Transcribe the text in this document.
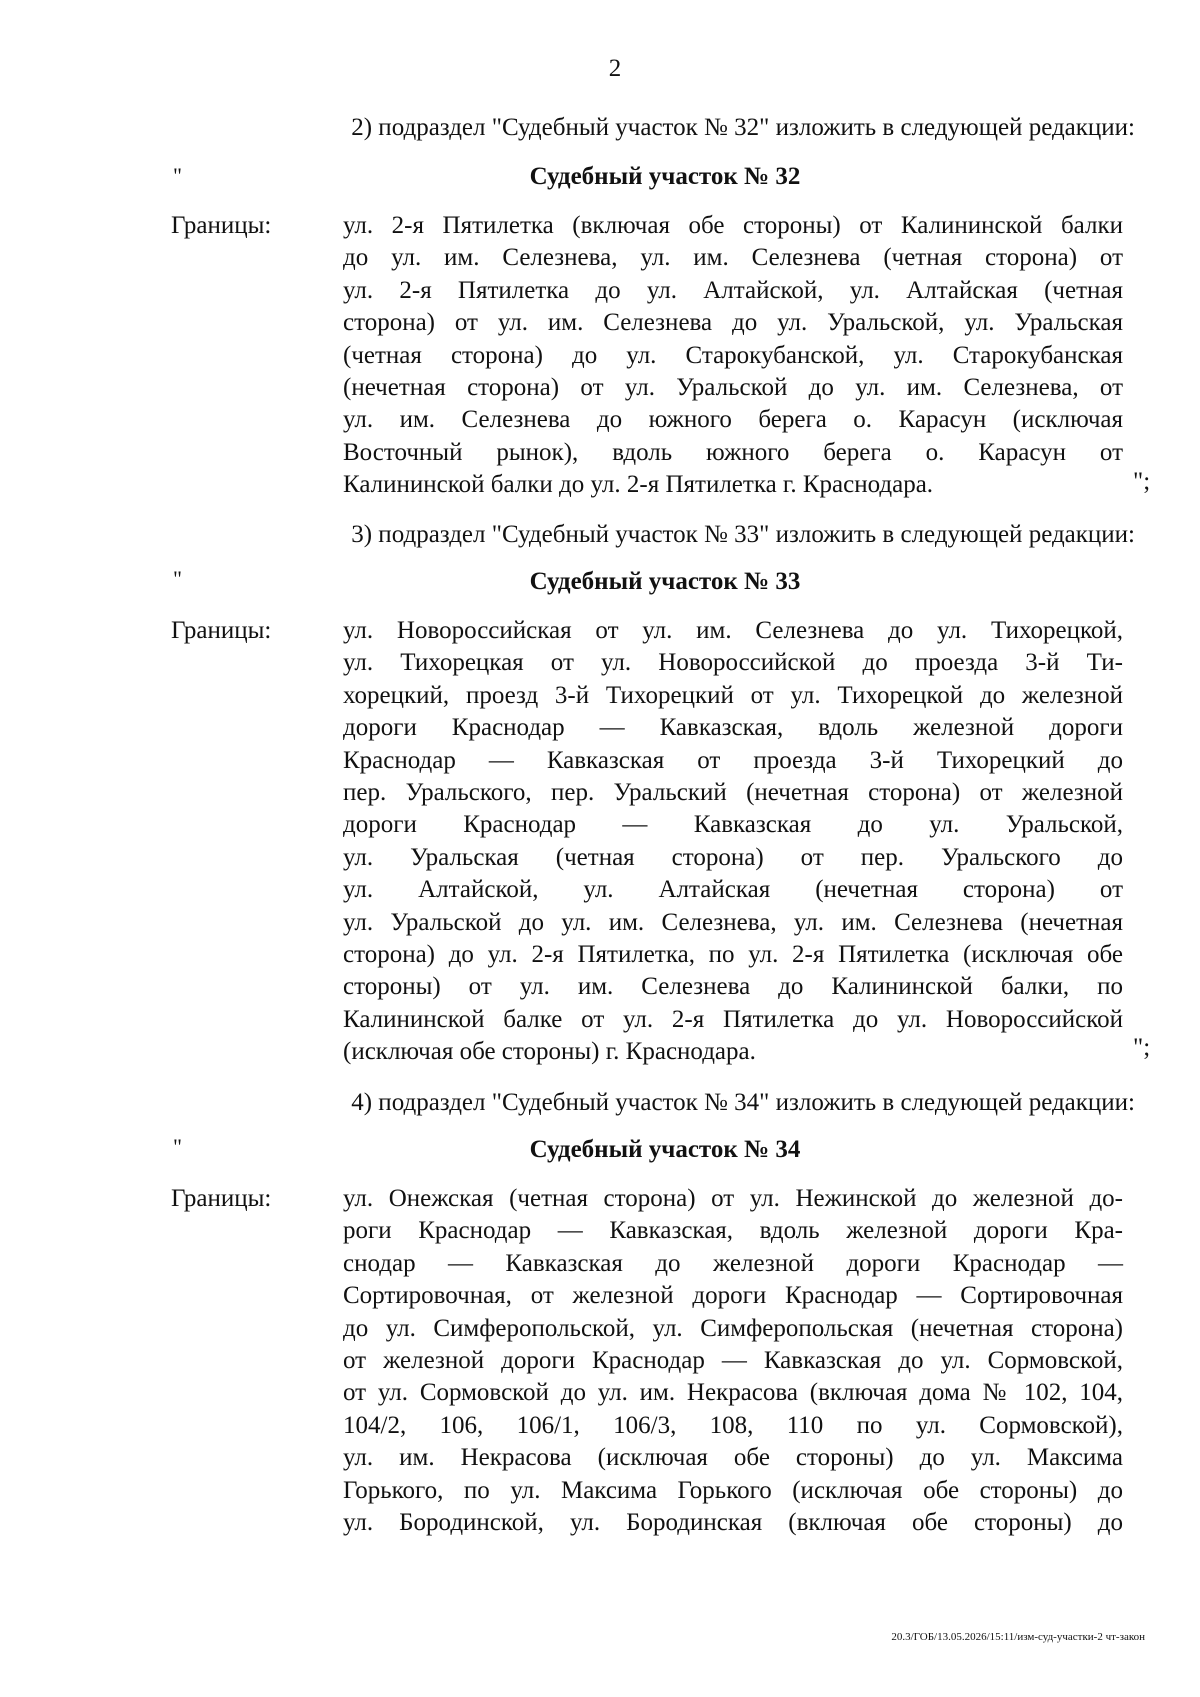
2
2) подраздел "Судебный участок № 32" изложить в следующей редакции:
"	Судебный участок № 32
Границы:	ул. 2-я Пятилетка (включая обе стороны) от Калининской балки
до ул. им. Селезнева, ул. им. Селезнева (четная сторона) от
ул. 2-я Пятилетка до ул. Алтайской, ул. Алтайская (четная
сторона) от ул. им. Селезнева до ул. Уральской, ул. Уральская
(четная сторона) до ул. Старокубанской, ул. Старокубанская
(нечетная сторона) от ул. Уральской до ул. им. Селезнева, от
ул. им. Селезнева до южного берега о. Карасун (исключая
Восточный рынок), вдоль южного берега о. Карасун от
Калининской балки до ул. 2-я Пятилетка г. Краснодара.	";
3) подраздел "Судебный участок № 33" изложить в следующей редакции:
"	Судебный участок № 33
Границы:	ул. Новороссийская от ул. им. Селезнева до ул. Тихорецкой,
ул. Тихорецкая от ул. Новороссийской до проезда 3-й Ти-
хорецкий, проезд 3-й Тихорецкий от ул. Тихорецкой до железной
дороги Краснодар — Кавказская, вдоль железной дороги
Краснодар — Кавказская от проезда 3-й Тихорецкий до
пер. Уральского, пер. Уральский (нечетная сторона) от железной
дороги Краснодар — Кавказская до ул. Уральской,
ул. Уральская (четная сторона) от пер. Уральского до
ул. Алтайской, ул. Алтайская (нечетная сторона) от
ул. Уральской до ул. им. Селезнева, ул. им. Селезнева (нечетная
сторона) до ул. 2-я Пятилетка, по ул. 2-я Пятилетка (исключая обе
стороны) от ул. им. Селезнева до Калининской балки, по
Калининской балке от ул. 2-я Пятилетка до ул. Новороссийской
(исключая обе стороны) г. Краснодара.	";
4) подраздел "Судебный участок № 34" изложить в следующей редакции:
"	Судебный участок № 34
Границы:	ул. Онежская (четная сторона) от ул. Нежинской до железной до-
роги Краснодар — Кавказская, вдоль железной дороги Кра-
снодар — Кавказская до железной дороги Краснодар —
Сортировочная, от железной дороги Краснодар — Сортировочная
до ул. Симферопольской, ул. Симферопольская (нечетная сторона)
от железной дороги Краснодар — Кавказская до ул. Сормовской,
от ул. Сормовской до ул. им. Некрасова (включая дома № 102, 104,
104/2, 106, 106/1, 106/3, 108, 110 по ул. Сормовской),
ул. им. Некрасова (исключая обе стороны) до ул. Максима
Горького, по ул. Максима Горького (исключая обе стороны) до
ул. Бородинской, ул. Бородинская (включая обе стороны) до
20.3/ГОБ/13.05.2026/15:11/изм-суд-участки-2 чт-закон
